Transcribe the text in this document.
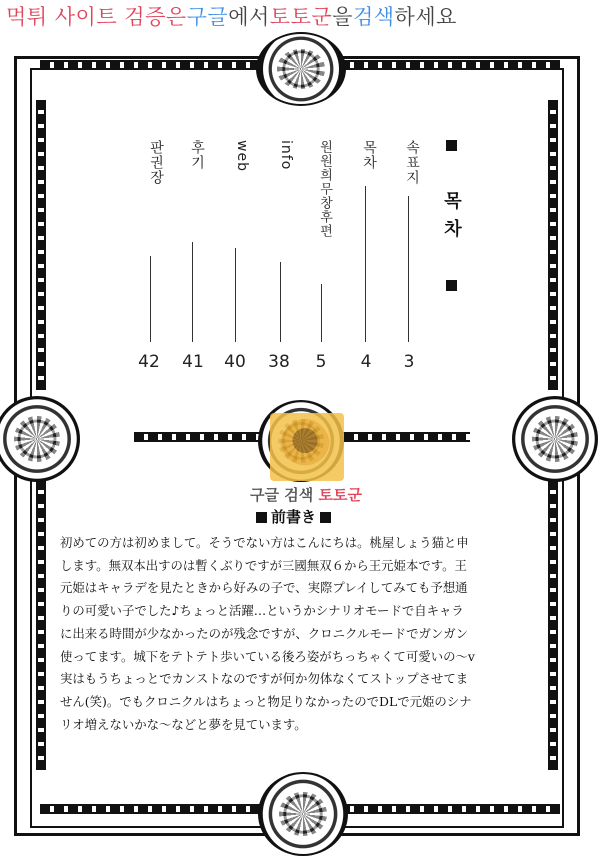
먹튀 사이트 검증은구글에서토토군을검색하세요
목 차
속표지
3
목차
4
원원희무창후편
5
info
38
web
40
후기
41
판권장
42
구글 검색 토토군
前書き
初めての方は初めまして。そうでない方はこんにちは。桃屋しょう猫と申
します。無双本出すのは暫くぶりですが三國無双６から王元姫本です。王
元姫はキャラデを見たときから好みの子で、実際プレイしてみても予想通
りの可愛い子でした♪ちょっと活躍…というかシナリオモードで自キャラ
に出来る時間が少なかったのが残念ですが、クロニクルモードでガンガン
使ってます。城下をテトテト歩いている後ろ姿がちっちゃくて可愛いの～v
実はもうちょっとでカンストなのですが何か勿体なくてストップさせてま
せん(笑)。でもクロニクルはちょっと物足りなかったのでDLで元姫のシナ
リオ増えないかな～などと夢を見ています。
